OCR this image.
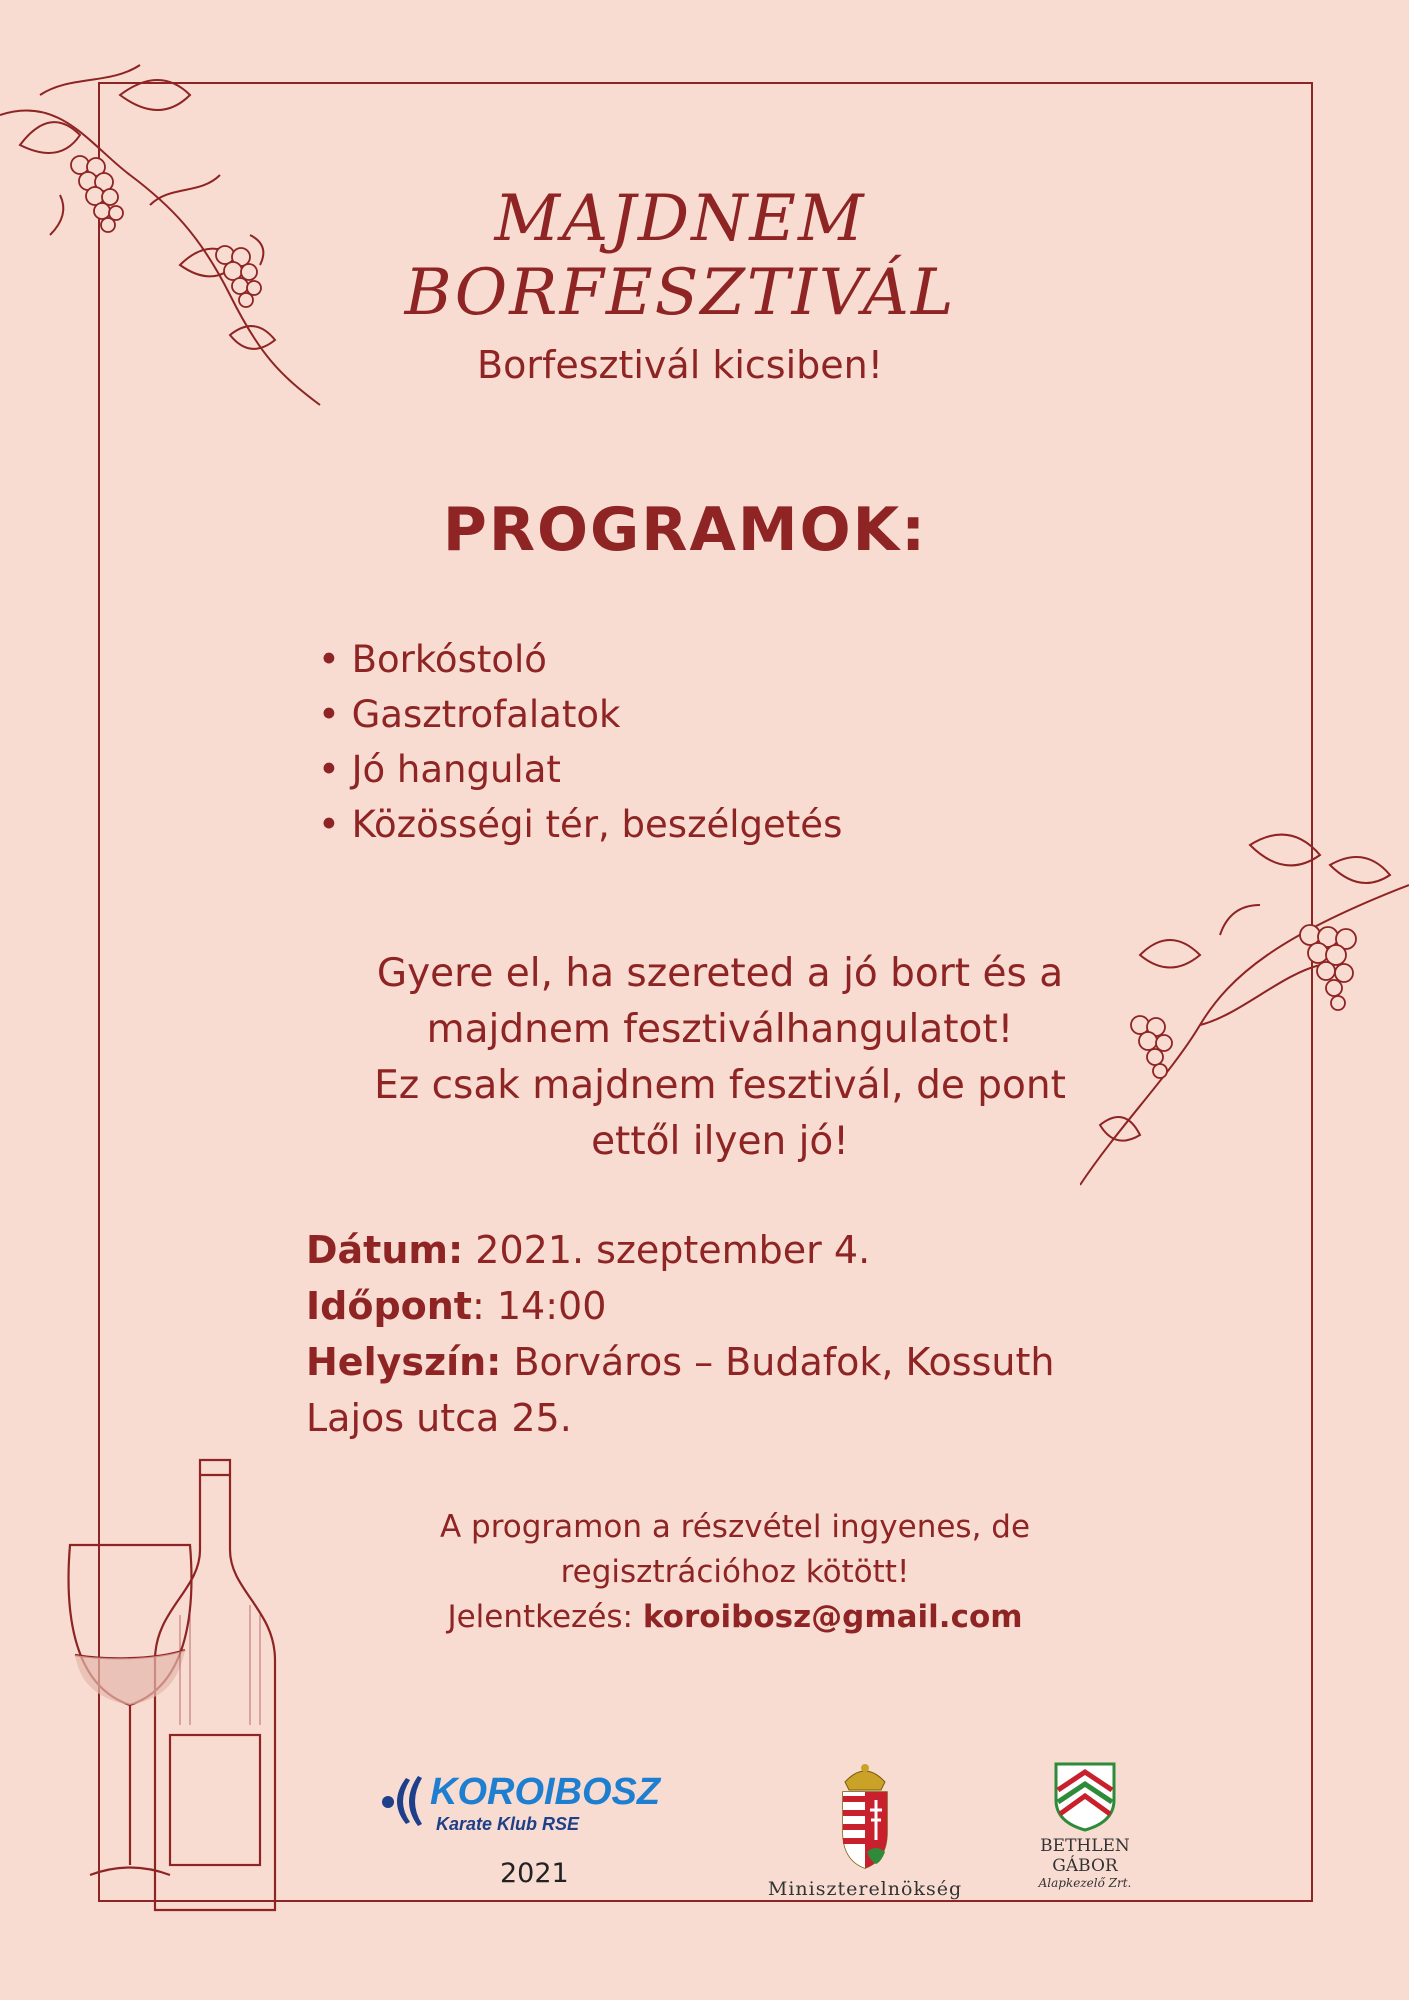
MAJDNEM
BORFESZTIVÁL
Borfesztivál kicsiben!
PROGRAMOK:
• Borkóstoló
• Gasztrofalatok
• Jó hangulat
• Közösségi tér, beszélgetés
Gyere el, ha szereted a jó bort és a
majdnem fesztiválhangulatot!
Ez csak majdnem fesztivál, de pont
ettől ilyen jó!
Dátum: 2021. szeptember 4.
Időpont: 14:00
Helyszín: Borváros – Budafok, Kossuth
Lajos utca 25.
A programon a részvétel ingyenes, de
regisztrációhoz kötött!
Jelentkezés: koroibosz@gmail.com
KOROIBOSZ
Karate Klub RSE
2021	Miniszterelnökség
BETHLEN GÁBOR
Alapkezelő Zrt.
